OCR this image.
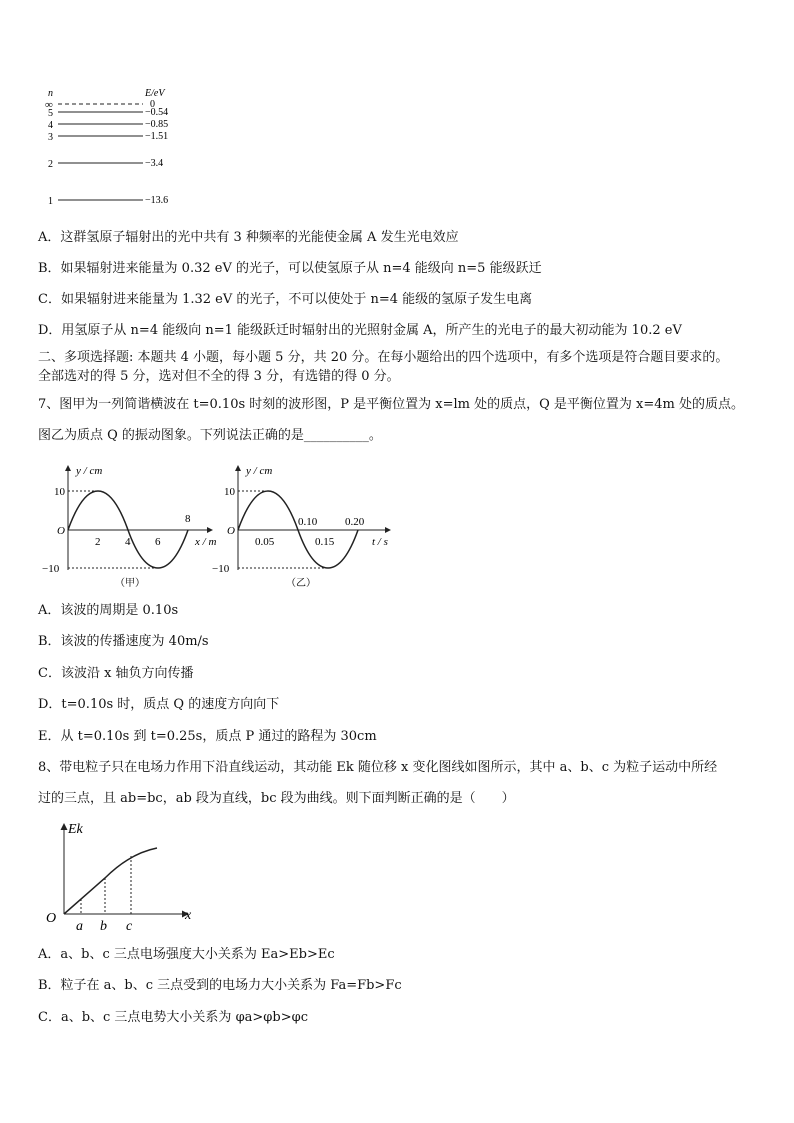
n	E/eV
∞	0
5	−0.54
4	−0.85
3	−1.51
2	−3.4
1	−13.6
A．这群氢原子辐射出的光中共有 3 种频率的光能使金属 A 发生光电效应
B．如果辐射进来能量为 0.32 eV 的光子，可以使氢原子从 n=4 能级向 n=5 能级跃迁
C．如果辐射进来能量为 1.32 eV 的光子，不可以使处于 n=4 能级的氢原子发生电离
D．用氢原子从 n=4 能级向 n=1 能级跃迁时辐射出的光照射金属 A，所产生的光电子的最大初动能为 10.2 eV
二、多项选择题: 本题共 4 小题，每小题 5 分，共 20 分。在每小题给出的四个选项中，有多个选项是符合题目要求的。
全部选对的得 5 分，选对但不全的得 3 分，有选错的得 0 分。
7、图甲为一列简谐横波在 t=0.10s 时刻的波形图，P 是平衡位置为 x=lm 处的质点，Q 是平衡位置为 x=4m 处的质点。
图乙为质点 Q 的振动图象。下列说法正确的是__________。
y / cm
x / m
O
10
−10
2 4 6
8
（甲）
y / cm
t / s
O
10
−10
0.05	0.15
0.10	0.20
（乙）
A．该波的周期是 0.10s
B．该波的传播速度为 40m/s
C．该波沿 x 轴负方向传播
D．t=0.10s 时，质点 Q 的速度方向向下
E．从 t=0.10s 到 t=0.25s，质点 P 通过的路程为 30cm
8、带电粒子只在电场力作用下沿直线运动，其动能 Ek 随位移 x 变化图线如图所示，其中 a、b、c 为粒子运动中所经
过的三点，且 ab=bc，ab 段为直线，bc 段为曲线。则下面判断正确的是（　　）
Ek
x
O
a b c
A．a、b、c 三点电场强度大小关系为 Ea>Eb>Ec
B．粒子在 a、b、c 三点受到的电场力大小关系为 Fa=Fb>Fc
C．a、b、c 三点电势大小关系为 φa>φb>φc
